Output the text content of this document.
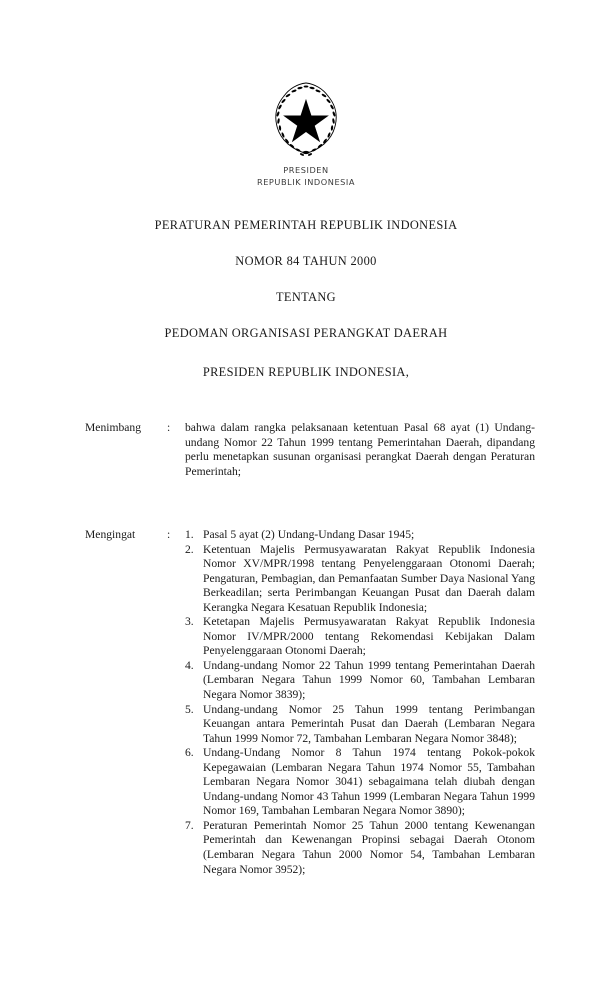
PRESIDEN
REPUBLIK INDONESIA
PERATURAN PEMERINTAH REPUBLIK INDONESIA
NOMOR 84 TAHUN 2000
TENTANG
PEDOMAN ORGANISASI PERANGKAT DAERAH
PRESIDEN REPUBLIK INDONESIA,
Menimbang	:	bahwa dalam rangka pelaksanaan ketentuan Pasal 68 ayat (1) Undang-undang Nomor 22 Tahun 1999 tentang Pemerintahan Daerah, dipandang perlu menetapkan susunan organisasi perangkat Daerah dengan Peraturan Pemerintah;
Mengingat	:	1. Pasal 5 ayat (2) Undang-Undang Dasar 1945;
2. Ketentuan Majelis Permusyawaratan Rakyat Republik Indonesia Nomor XV/MPR/1998 tentang Penyelenggaraan Otonomi Daerah; Pengaturan, Pembagian, dan Pemanfaatan Sumber Daya Nasional Yang Berkeadilan; serta Perimbangan Keuangan Pusat dan Daerah dalam Kerangka Negara Kesatuan Republik Indonesia;
3. Ketetapan Majelis Permusyawaratan Rakyat Republik Indonesia Nomor IV/MPR/2000 tentang Rekomendasi Kebijakan Dalam Penyelenggaraan Otonomi Daerah;
4. Undang-undang Nomor 22 Tahun 1999 tentang Pemerintahan Daerah (Lembaran Negara Tahun 1999 Nomor 60, Tambahan Lembaran Negara Nomor 3839);
5. Undang-undang Nomor 25 Tahun 1999 tentang Perimbangan Keuangan antara Pemerintah Pusat dan Daerah (Lembaran Negara Tahun 1999 Nomor 72, Tambahan Lembaran Negara Nomor 3848);
6. Undang-Undang Nomor 8 Tahun 1974 tentang Pokok-pokok Kepegawaian (Lembaran Negara Tahun 1974 Nomor 55, Tambahan Lembaran Negara Nomor 3041) sebagaimana telah diubah dengan Undang-undang Nomor 43 Tahun 1999 (Lembaran Negara Tahun 1999 Nomor 169, Tambahan Lembaran Negara Nomor 3890);
7. Peraturan Pemerintah Nomor 25 Tahun 2000 tentang Kewenangan Pemerintah dan Kewenangan Propinsi sebagai Daerah Otonom (Lembaran Negara Tahun 2000 Nomor 54, Tambahan Lembaran Negara Nomor 3952);
